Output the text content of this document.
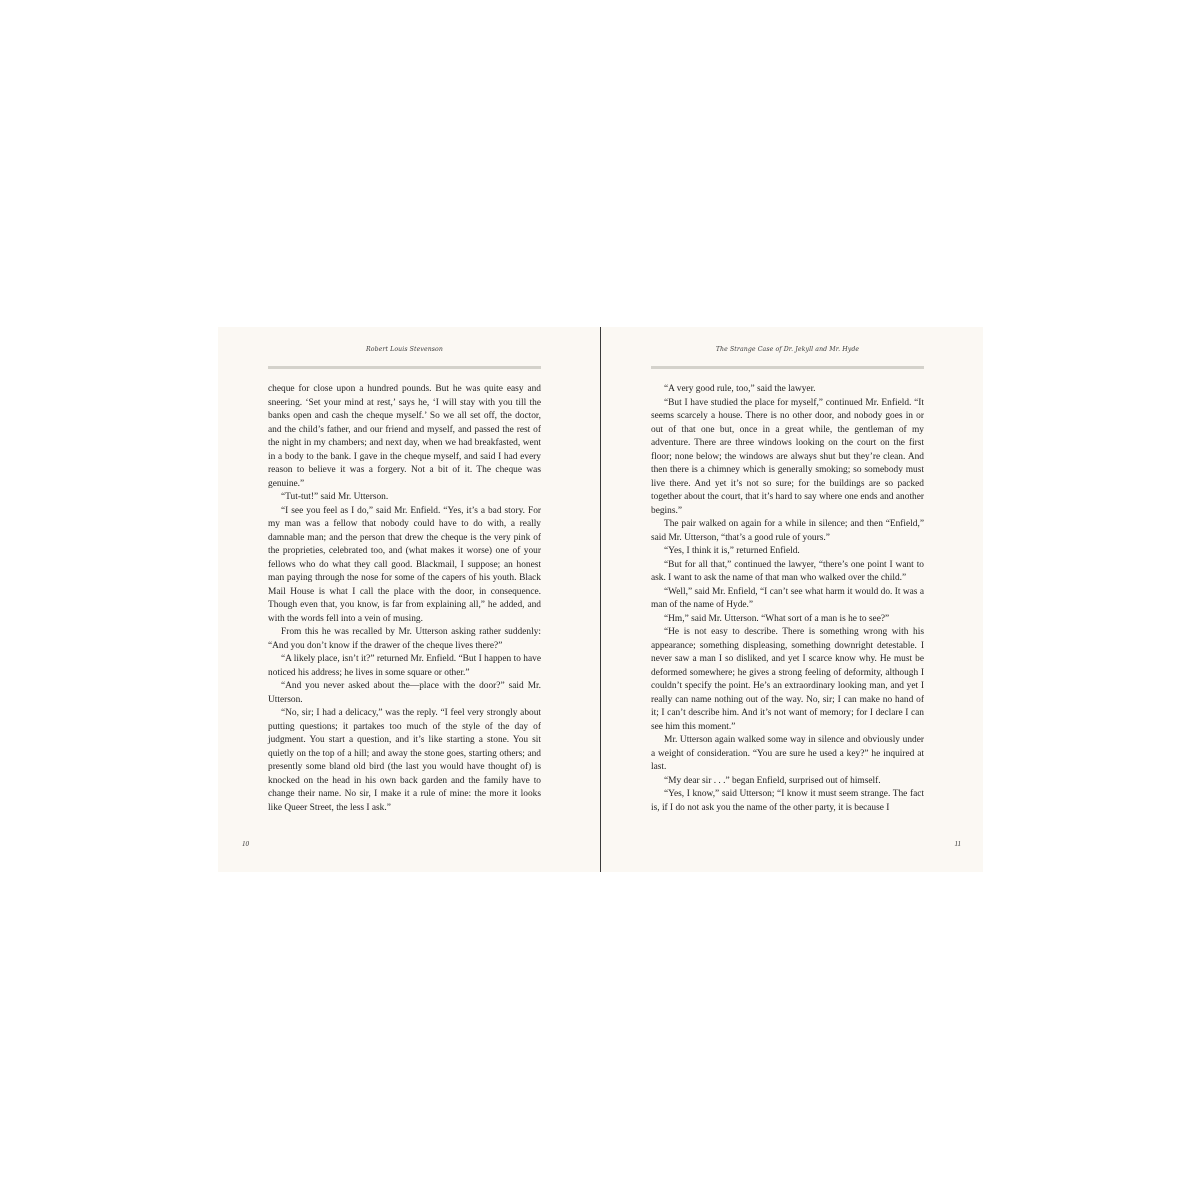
Robert Louis Stevenson

cheque for close upon a hundred pounds. But he was quite easy and sneering. ‘Set your mind at rest,’ says he, ‘I will stay with you till the banks open and cash the cheque myself.’ So we all set off, the doctor, and the child’s father, and our friend and myself, and passed the rest of the night in my chambers; and next day, when we had breakfasted, went in a body to the bank. I gave in the cheque myself, and said I had every reason to believe it was a forgery. Not a bit of it. The cheque was genuine.”

“Tut-tut!” said Mr. Utterson.

“I see you feel as I do,” said Mr. Enfield. “Yes, it’s a bad story. For my man was a fellow that nobody could have to do with, a really damnable man; and the person that drew the cheque is the very pink of the proprieties, celebrated too, and (what makes it worse) one of your fellows who do what they call good. Blackmail, I suppose; an honest man paying through the nose for some of the capers of his youth. Black Mail House is what I call the place with the door, in consequence. Though even that, you know, is far from explaining all,” he added, and with the words fell into a vein of musing.

From this he was recalled by Mr. Utterson asking rather suddenly: “And you don’t know if the drawer of the cheque lives there?”

“A likely place, isn’t it?” returned Mr. Enfield. “But I happen to have noticed his address; he lives in some square or other.”

“And you never asked about the—place with the door?” said Mr. Utterson.

“No, sir; I had a delicacy,” was the reply. “I feel very strongly about putting questions; it partakes too much of the style of the day of judgment. You start a question, and it’s like starting a stone. You sit quietly on the top of a hill; and away the stone goes, starting others; and presently some bland old bird (the last you would have thought of) is knocked on the head in his own back garden and the family have to change their name. No sir, I make it a rule of mine: the more it looks like Queer Street, the less I ask.”

10
The Strange Case of Dr. Jekyll and Mr. Hyde

“A very good rule, too,” said the lawyer.

“But I have studied the place for myself,” continued Mr. Enfield. “It seems scarcely a house. There is no other door, and nobody goes in or out of that one but, once in a great while, the gentleman of my adventure. There are three windows looking on the court on the first floor; none below; the windows are always shut but they’re clean. And then there is a chimney which is generally smoking; so somebody must live there. And yet it’s not so sure; for the buildings are so packed together about the court, that it’s hard to say where one ends and another begins.”

The pair walked on again for a while in silence; and then “Enfield,” said Mr. Utterson, “that’s a good rule of yours.”

“Yes, I think it is,” returned Enfield.

“But for all that,” continued the lawyer, “there’s one point I want to ask. I want to ask the name of that man who walked over the child.”

“Well,” said Mr. Enfield, “I can’t see what harm it would do. It was a man of the name of Hyde.”

“Hm,” said Mr. Utterson. “What sort of a man is he to see?”

“He is not easy to describe. There is something wrong with his appearance; something displeasing, something downright detestable. I never saw a man I so disliked, and yet I scarce know why. He must be deformed somewhere; he gives a strong feeling of deformity, although I couldn’t specify the point. He’s an extraordinary looking man, and yet I really can name nothing out of the way. No, sir; I can make no hand of it; I can’t describe him. And it’s not want of memory; for I declare I can see him this moment.”

Mr. Utterson again walked some way in silence and obviously under a weight of consideration. “You are sure he used a key?” he inquired at last.

“My dear sir . . .” began Enfield, surprised out of himself.

“Yes, I know,” said Utterson; “I know it must seem strange. The fact is, if I do not ask you the name of the other party, it is because I

11
